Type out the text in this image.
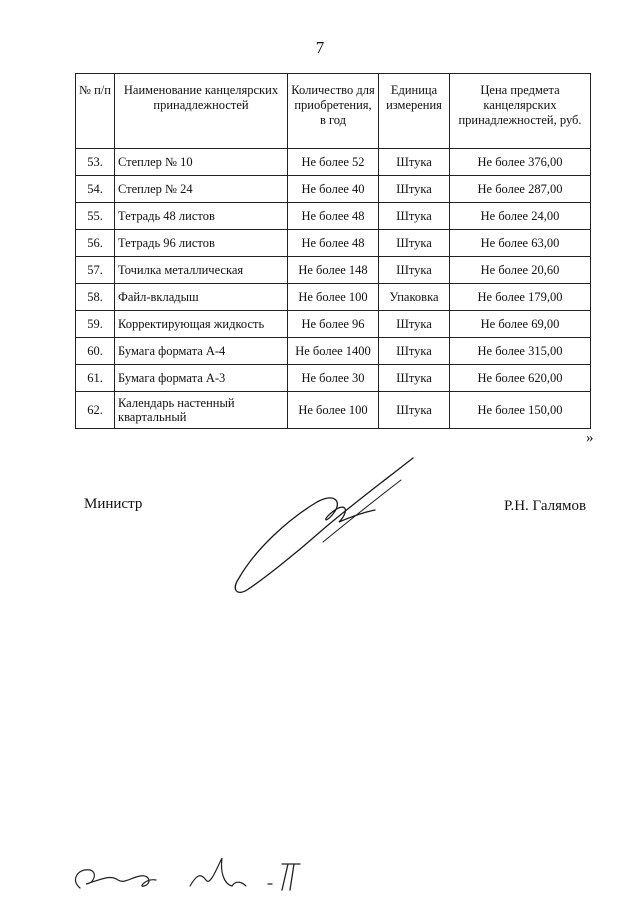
7
№ п/п	Наименование канцелярских принадлежностей	Количество для приобретения, в год	Единица измерения	Цена предмета канцелярских принадлежностей, руб.
53.	Степлер № 10	Не более 52	Штука	Не более 376,00
54.	Степлер № 24	Не более 40	Штука	Не более 287,00
55.	Тетрадь 48 листов	Не более 48	Штука	Не более 24,00
56.	Тетрадь 96 листов	Не более 48	Штука	Не более 63,00
57.	Точилка металлическая	Не более 148	Штука	Не более 20,60
58.	Файл-вкладыш	Не более 100	Упаковка	Не более 179,00
59.	Корректирующая жидкость	Не более 96	Штука	Не более 69,00
60.	Бумага формата А-4	Не более 1400	Штука	Не более 315,00
61.	Бумага формата А-3	Не более 30	Штука	Не более 620,00
62.	Календарь настенный квартальный	Не более 100	Штука	Не более 150,00
»
Министр	Р.Н. Галямов
